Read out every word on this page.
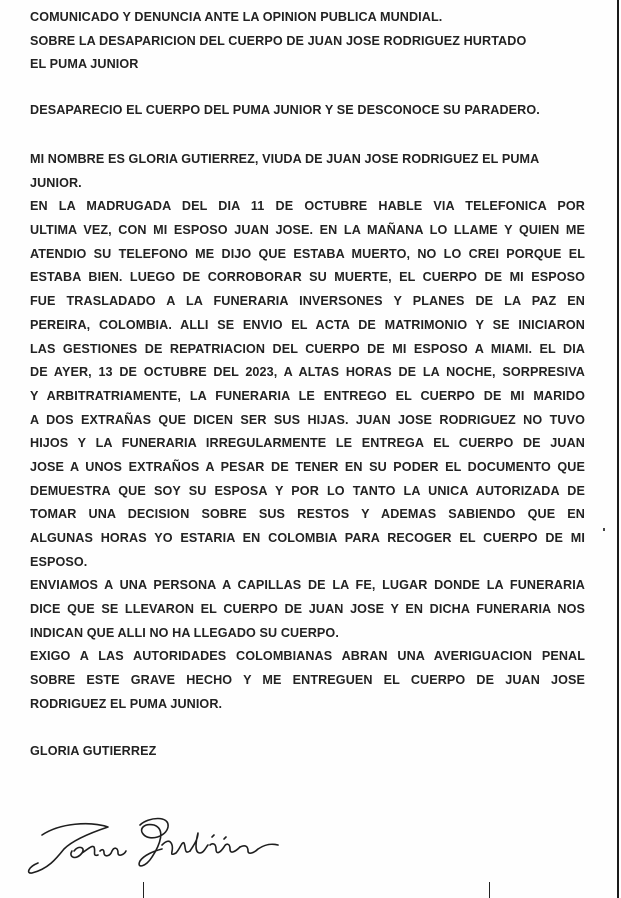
COMUNICADO Y DENUNCIA ANTE LA OPINION PUBLICA MUNDIAL.
SOBRE LA DESAPARICION DEL CUERPO DE JUAN JOSE RODRIGUEZ HURTADO
EL PUMA JUNIOR
DESAPARECIO EL CUERPO DEL PUMA JUNIOR Y SE DESCONOCE SU PARADERO.
MI NOMBRE ES GLORIA GUTIERREZ, VIUDA DE JUAN JOSE RODRIGUEZ EL PUMA
JUNIOR.
EN LA MADRUGADA DEL DIA 11 DE OCTUBRE HABLE VIA TELEFONICA POR
ULTIMA VEZ, CON MI ESPOSO JUAN JOSE. EN LA MAÑANA LO LLAME Y QUIEN ME
ATENDIO SU TELEFONO ME DIJO QUE ESTABA MUERTO, NO LO CREI PORQUE EL
ESTABA BIEN. LUEGO DE CORROBORAR SU MUERTE, EL CUERPO DE MI ESPOSO
FUE TRASLADADO A LA FUNERARIA INVERSONES Y PLANES DE LA PAZ EN
PEREIRA, COLOMBIA. ALLI SE ENVIO EL ACTA DE MATRIMONIO Y SE INICIARON
LAS GESTIONES DE REPATRIACION DEL CUERPO DE MI ESPOSO A MIAMI. EL DIA
DE AYER, 13 DE OCTUBRE DEL 2023, A ALTAS HORAS DE LA NOCHE, SORPRESIVA
Y ARBITRATRIAMENTE, LA FUNERARIA LE ENTREGO EL CUERPO DE MI MARIDO
A DOS EXTRAÑAS QUE DICEN SER SUS HIJAS. JUAN JOSE RODRIGUEZ NO TUVO
HIJOS Y LA FUNERARIA IRREGULARMENTE LE ENTREGA EL CUERPO DE JUAN
JOSE A UNOS EXTRAÑOS A PESAR DE TENER EN SU PODER EL DOCUMENTO QUE
DEMUESTRA QUE SOY SU ESPOSA Y POR LO TANTO LA UNICA AUTORIZADA DE
TOMAR UNA DECISION SOBRE SUS RESTOS Y ADEMAS SABIENDO QUE EN
ALGUNAS HORAS YO ESTARIA EN COLOMBIA PARA RECOGER EL CUERPO DE MI
ESPOSO.
ENVIAMOS A UNA PERSONA A CAPILLAS DE LA FE, LUGAR DONDE LA FUNERARIA
DICE QUE SE LLEVARON EL CUERPO DE JUAN JOSE Y EN DICHA FUNERARIA NOS
INDICAN QUE ALLI NO HA LLEGADO SU CUERPO.
EXIGO A LAS AUTORIDADES COLOMBIANAS ABRAN UNA AVERIGUACION PENAL
SOBRE ESTE GRAVE HECHO Y ME ENTREGUEN EL CUERPO DE JUAN JOSE
RODRIGUEZ EL PUMA JUNIOR.
GLORIA GUTIERREZ
